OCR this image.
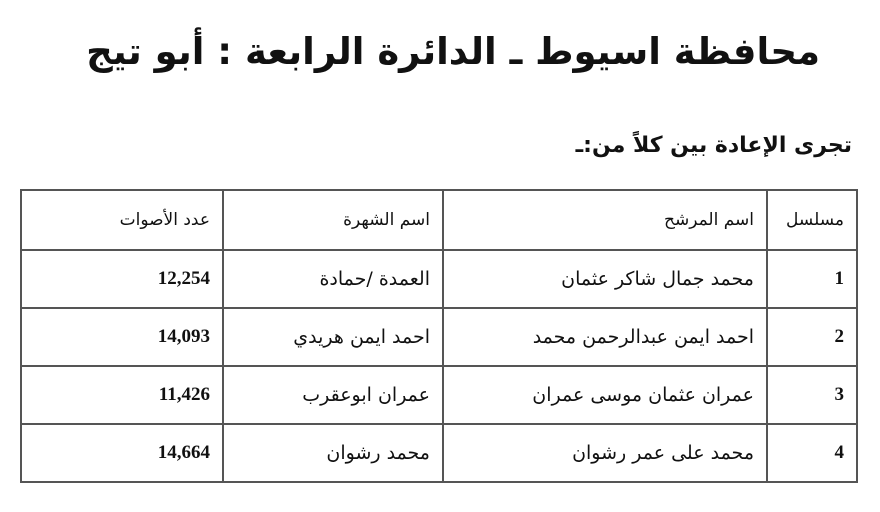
محافظة اسيوط ـ الدائرة الرابعة : أبو تيج
تجرى الإعادة بين كلاً من:ـ
مسلسل	اسم المرشح	اسم الشهرة	عدد الأصوات
1	محمد جمال شاكر عثمان	العمدة /حمادة	12,254
2	احمد ايمن عبدالرحمن محمد	احمد ايمن هريدي	14,093
3	عمران عثمان موسى عمران	عمران ابوعقرب	11,426
4	محمد على عمر رشوان	محمد رشوان	14,664
